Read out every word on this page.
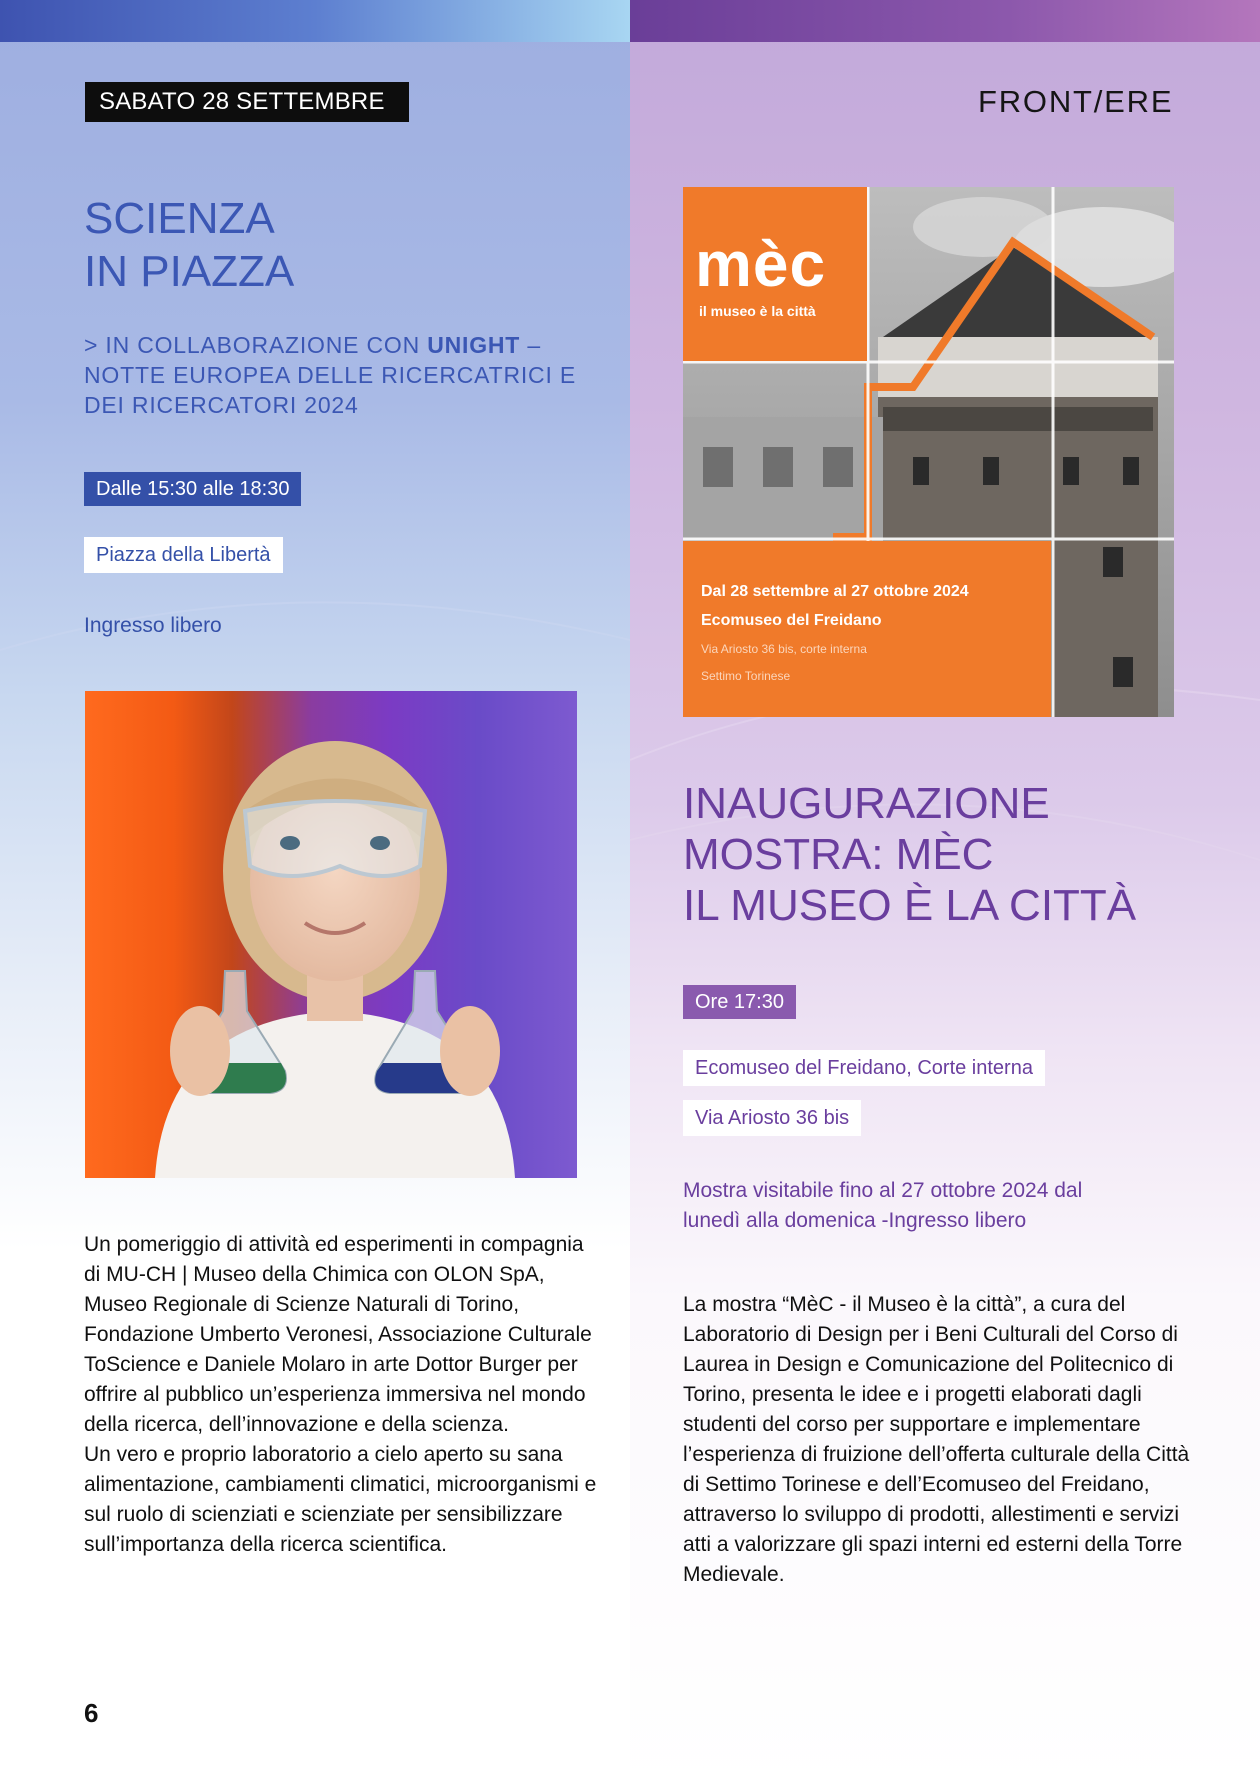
SABATO 28 SETTEMBRE	FRONT/ERE
SCIENZA
IN PIAZZA
> IN COLLABORAZIONE CON UNIGHT –
NOTTE EUROPEA DELLE RICERCATRICI E
DEI RICERCATORI 2024
Dalle 15:30 alle 18:30
Piazza della Libertà
Ingresso libero

Un pomeriggio di attività ed esperimenti in compagnia di MU-CH | Museo della Chimica con OLON SpA, Museo Regionale di Scienze Naturali di Torino, Fondazione Umberto Veronesi, Associazione Culturale ToScience e Daniele Molaro in arte Dottor Burger per offrire al pubblico un’esperienza immersiva nel mondo della ricerca, dell’innovazione e della scienza.

Un vero e proprio laboratorio a cielo aperto su sana alimentazione, cambiamenti climatici, microorganismi e sul ruolo di scienziati e scienziate per sensibilizzare sull’importanza della ricerca scientifica.

mèc
il museo è la città
Dal 28 settembre al 27 ottobre 2024
Ecomuseo del Freidano
Via Ariosto 36 bis, corte interna
Settimo Torinese
INAUGURAZIONE
MOSTRA: MÈC
IL MUSEO È LA CITTÀ
Ore 17:30
Ecomuseo del Freidano, Corte interna
Via Ariosto 36 bis
Mostra visitabile fino al 27 ottobre 2024 dal
lunedì alla domenica -Ingresso libero

La mostra “MèC - il Museo è la città”, a cura del Laboratorio di Design per i Beni Culturali del Corso di Laurea in Design e Comunicazione del Politecnico di Torino, presenta le idee e i progetti elaborati dagli studenti del corso per supportare e implementare l’esperienza di fruizione dell’offerta culturale della Città di Settimo Torinese e dell’Ecomuseo del Freidano, attraverso lo sviluppo di prodotti, allestimenti e servizi atti a valorizzare gli spazi interni ed esterni della Torre Medievale.

6
